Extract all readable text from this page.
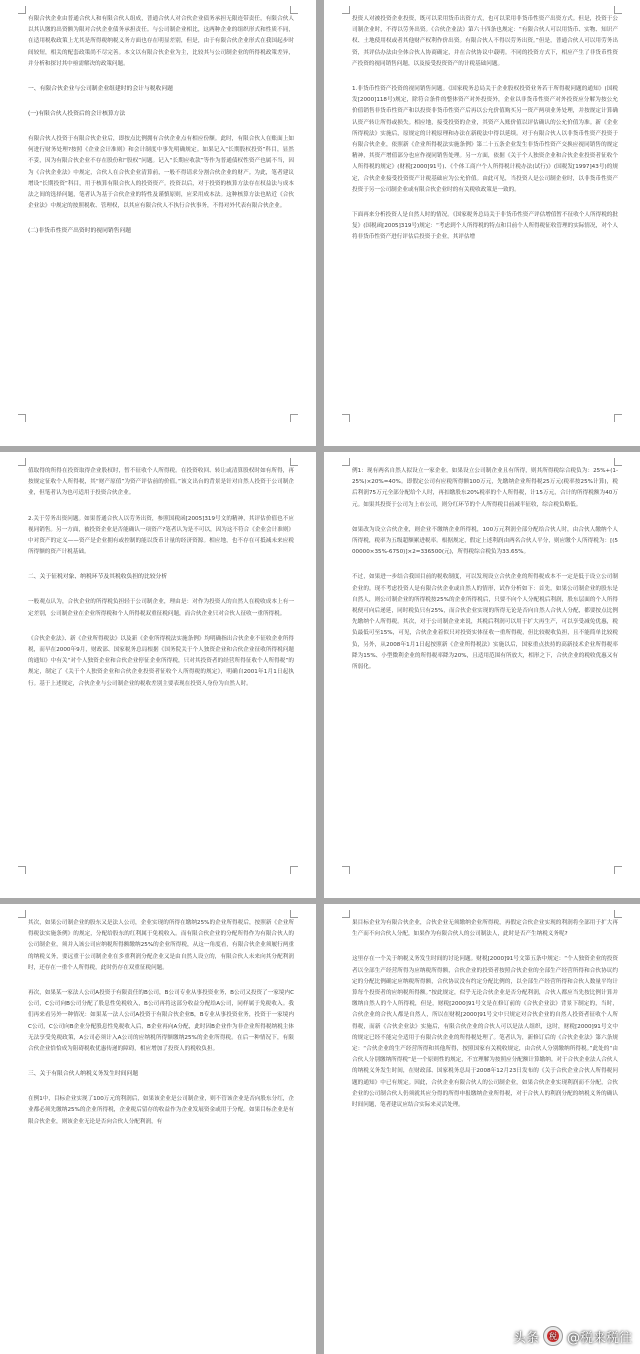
有限合伙企业由普通合伙人和有限合伙人组成，普通合伙人对合伙企业债务承担无限连带责任，有限合伙人以其认缴的出资额为限对合伙企业债务承担责任。与公司制企业相比，这两种企业的组织形式和性质不同，在适用税收政策上尤其是所得税纳税义务方面也存在明显差别，但是，由于有限合伙企业形式在我国起步时间较短，相关的配套政策尚不尽完善。本文以有限合伙企业为主，比较其与公司制企业的所得税政策差异，并分析和探讨其中亟需解决的政策问题。

一、有限合伙企业与公司制企业组建时的会计与税收问题

(一)有限合伙人投资后的会计核算方法

有限合伙人投资于有限合伙企业后，即按点比例拥有合伙企业点有相应份额。此时，有限合伙人在账面上如何进行财务处理?按照《企业会计准则》和会计制度中事先明确规定。如果记入“长期股权投资”科目，显然不妥，因为有限合伙企业不存在股份和“股权”问题。记入“长期应收款”等作为普通债权性资产也属不当，因为《合伙企业法》中规定，合伙人在合伙企业清算前，一般不得请求分割合伙企业的财产。为此，笔者建议增设“长期投资”科目，用于核算有限合伙人的投资资产。投资以后，对于投资的核算方法存在权益法与成本法之间的选择问题，笔者认为基于合伙企业的特性及谨慎原则，应采用成本法。这种核算方法也贴近《合伙企业法》中规定的按照税收、管理权，以其应有限合伙人不执行合伙事务，不得对外代表有限合伙企业。

(二)非货币性资产出资时的视同销售问题

投资人对被投资企业投资，既可以采用货币出资方式，也可以采用非货币性资产出资方式。但是，投资于公司制企业时，不得以劳务出资。《合伙企业法》第六十四条也规定：“有限合伙人可以用货币、实物、知识产权、土地使用权或者其他财产权利作价出资。有限合伙人不得以劳务出资。”但是，普通合伙人可以用劳务出资，其评估办法由全体合伙人协商确定，并在合伙协议中载明。不同的投资方式下，相应产生了非货币性资产投资的视同销售问题，以及接受投资资产的计税基础问题。

1.非货币性资产投资的视同销售问题。《国家税务总局关于企业股权投资业务若干所得税问题的通知》(国税发[2000]118号)规定，除符合条件的整体资产对外投资外，企业以非货币性资产对外投资应分解为按公允价值销售非货币性资产和以投资非货币性资产后再以公允价值购买另一资产两项业务处理，并按规定计算确认资产转让所得或损失。相应地，接受投资的企业，其资产入账价值以评估确认的公允价值为准。新《企业所得税法》实施后，原规定的计税原理和办法在新税法中得以延续。对于有限合伙人以非货币性资产投资于有限合伙企业，依照新《企业所得税法实施条例》第二十五条企业发生非货币性资产交换应视同销售的规定精神，其资产增值部分也应作视同销售处理。另一方面，依据《关于个人独资企业和合伙企业投资者征收个人所得税的规定》(财税[2000]91号)、《个体工商户个人所得税计税办法(试行)》(国税发[1997]43号)的规定，合伙企业接受投资资产计税基础应为公允价值。由此可见，当投资人是公司制企业时，以非货币性资产投资于另一公司制企业或有限合伙企业时的有关税收政策是一致的。

下面再来分析投资人是自然人时的情况。《国家税务总局关于非货币性资产评估增值暂不征收个人所得税的批复》(国税函[2005]319号)规定：“考虑到个人所得税的特点和目前个人所得税征收管理的实际情况，对个人将非货币性资产进行评估后投资于企业，其评估增

值取得的所得在投资取得企业股权时，暂不征收个人所得税。在投资收回、转让或清算股权时如有所得，再按规定征收个人所得税，其“财产原值”为资产评估前的价值。”该文出台的背景是针对自然人投资于公司制企业，但笔者认为也可适用于投资合伙企业。

2.关于劳务出资问题。如果普通合伙人以劳务出资，参照国税函[2005]319号文的精神，其评估价值也不应视同销售。另一方面，被投资企业是否能确认一项资产?笔者认为是不可以，因为这不符合《企业会计准则》中对资产的定义——资产是企业拥有或控制的能以货币计量的经济资源。相应地，也不存在可抵减未来应税所得额的资产计税基础。

二、关于征税对象、纳税环节及其税收负担的比较分析

一般观点认为，合伙企业的所得税负担轻于公司制企业，理由是：对作为投资人的自然人在税收成本上有一定差别，公司制企业在企业所得税和个人所得税双重征税问题，而合伙企业只对合伙人征收一重所得税。

《合伙企业法》、新《企业所得税法》以及新《企业所得税法实施条例》均明确指出合伙企业不征收企业所得税，而早在2000年9月，财政部、国家税务总局根据《国务院关于个人独资企业和合伙企业征收所得税问题的通知》中有关“对个人独资企业和合伙企业停征企业所得税，只对其投资者的经营所得征收个人所得税”的规定，制定了《关于个人独资企业和合伙企业投资者征收个人所得税的规定》，明确自2001年1月1日起执行。基于上述规定，合伙企业与公司制企业的税收差别主要表现在投资人身份为自然人时。

例1：现有两名自然人拟设立一家企业，如果设立公司制企业且有所得，则其所得税综合税负为：25%+(1-25%)×20%=40%。即假定公司有应税所得额100万元，先缴纳企业所得税25万元(税率按25%计算)，税后利润75万元全部分配给个人时，再扣缴股东20%税率的个人所得税，计15万元，合计的所得税额为40万元。如果其投资于公司为上市公司，则分红环节的个人所得税目前减半征收，综合税负略低。

如果改为设立合伙企业，则企业不缴纳企业所得税，100万元利润全部分配给合伙人时，由合伙人缴纳个人所得税，税率为五级超额累进税率。根据规定，假定上述利润由两名合伙人平分，则应缴个人所得税为：[(500000×35%-6750)]×2=336500(元)，所得税综合税负为33.65%。

不过，如果进一步结合我国目前的税收制度，可以发现设立合伙企业的所得税成本不一定是低于设立公司制企业的。现不考虑投资人是有限合伙企业或自然人的情形，试作分析如下：首先，如果公司制企业的股东是自然人，则公司制企业的所得税按25%的企业所得税后，只要不向个人分配税后利润，股东层面的个人所得税便可向后递延，同时税负只有25%，而合伙企业实现的所得无论是否向自然人合伙人分配，都要按点比例先缴纳个人所得税。其次，对于公司制企业来说，其税后利润可以用于扩大再生产，可以享受减免优惠，税负最低可至15%，可见，合伙企业着似只对投资实体征收一重所得税，但比较税收负担，且不能简单比较税负，另外，从2008年1月1日起按照新《企业所得税法》实施以后，国家重点扶持的高新技术企业所得税率降为15%、小型微利企业的所得税率降为20%，且适用范围有所放大，相形之下，合伙企业的税收优惠又有所弱化。

其次，如果公司制企业的股东又是法人公司，企业实现的所得在缴纳25%的企业所得税后，按照新《企业所得税法实施条例》的规定，分配给股东的红利属于免税收入。而有限合伙企业的分配所得作为有限合伙人的公司制企业，须并入该公司应纳税所得额缴纳25%的企业所得税，从这一角度看，有限合伙企业须履行两重的纳税义务，要远重于公司制企业在多重利润分配企业又是由自然人设立的，有限合伙人未来向其分配利润时，还存在一重个人所得税，此时仍存在双重征税问题。

再次，如果某一家法人公司A投资于有限责任的B公司，B公司专业从事投资业务，B公司又投资了一家境内C公司，C公司向B公司分配了股息性免税收入，B公司再将这部分收益分配给A公司，同样属于免税收入。我们再来看另外一种情况：如果某一法人公司A投资于有限合伙企业B，B专业从事投资业务，投资于一家境内C公司，C公司向B企业分配股息性免税收入后，B企业再向A分配，此时因B企业作为非企业所得税纳税主体无法享受免税政策，A公司必须计入A公司的应纳税所得额缴纳25%的企业所得税。在后一种情况下，有限合伙企业恰恰成为阻碍税收优惠传递的障碍，相应增加了投资人的税收负担。

三、关于有限合伙人纳税义务发生时间问题

在例1中，目标企业实现了100万元的利润后，如果该企业是公司制企业，则不管该企业是否向股东分红，企业都必须先缴纳25%的企业所得税，企业税后留存的收益作为企业发展资金或用于分配。如果目标企业是有限合伙企业，则该企业无论是否向合伙人分配利润，有

果目标企业为有限合伙企业，合伙企业无须缴纳企业所得税，再假定合伙企业实现的利润将全部用于扩大再生产而不向合伙人分配，如果作为有限合伙人的公司制法人，此时是否产生纳税义务呢?

这里存在一个关于纳税义务发生时间的讨论问题。财税[2000]91号文第五条中规定：“个人独资企业的投资者以全部生产经营所得为应纳税所得额，合伙企业的投资者按照合伙企业的全部生产经营所得和合伙协议约定的分配比例确定应纳税所得额，合伙协议没有约定分配比例的，以全部生产经营所得和合伙人数量平均计算每个投资者的应纳税所得额。”按此规定，似乎无论合伙企业是否分配利润，合伙人都应当先按比例计算并缴纳自然人的个人所得税，但是，财税[2000]91号文是在修订前的《合伙企业法》背景下制定的，当时，合伙企业的合伙人都是自然人，所以在财税[2000]91号文中只规定对合伙企业的自然人投资者征收个人所得税，而新《合伙企业法》实施后，有限合伙企业的合伙人可以是法人组织，这时，财税[2000]91号文中的规定已经不能完全适用于有限合伙企业的所得税处理了。笔者认为，新修订后的《合伙企业法》第六条规定：“合伙企业的生产经营所得和其他所得，按照国家有关税收规定，由合伙人分别缴纳所得税。”此处的“由合伙人分别缴纳所得税”是一个原则性的规定，不宜理解为按照应分配额计算缴纳。对于合伙企业法人合伙人的纳税义务发生时间，在财政部、国家税务总局于2008年12月23日发布的《关于合伙企业合伙人所得税问题的通知》中已有规定。因此，合伙企业有限合伙人的公司制企业，如果合伙企业实现利润而不分配，合伙企业的公司制合伙人仍须就其应分得的所得申报缴纳企业所得税，对于合伙人的利润分配的纳税义务的确认时间问题，笔者建议应结合实际来灵活处理。

头条 税 @税来税往
